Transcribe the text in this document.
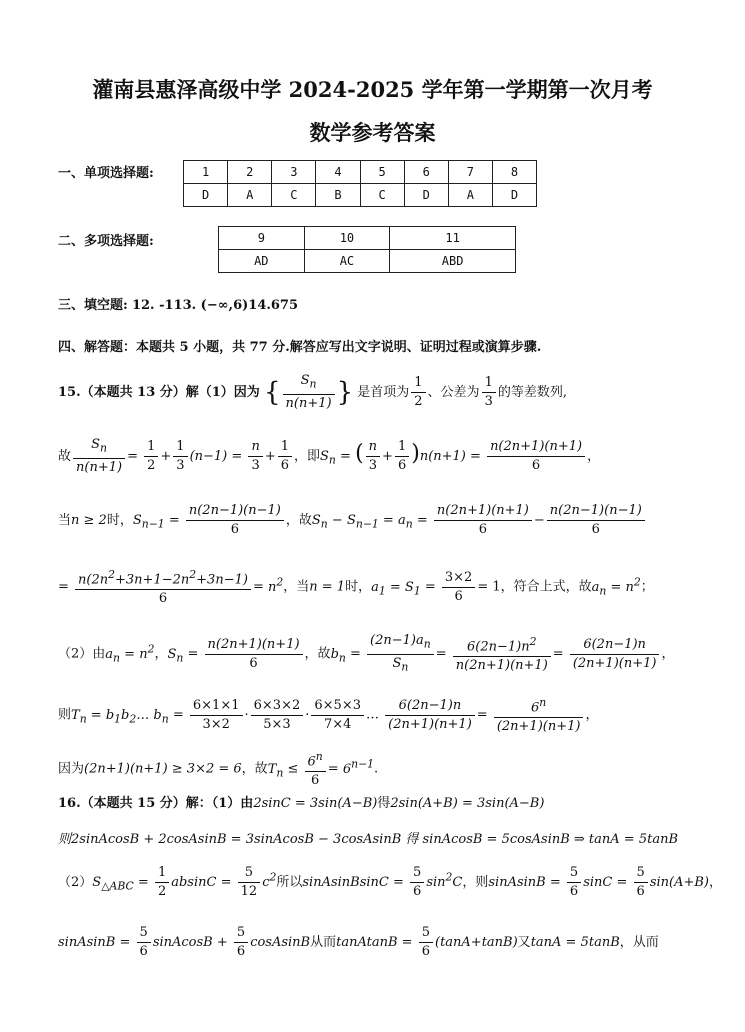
灌南县惠泽高级中学 2024-2025 学年第一学期第一次月考
数学参考答案
一、单项选择题:	1	2	3	4	5	6	7	8
D	A	C	B	C	D	A	D
二、多项选择题:	9	10	11
AD	AC	ABD
三、填空题: 12. -113. (−∞,6)14.675
四、解答题：本题共 5 小题，共 77 分.解答应写出文字说明、证明过程或演算步骤.
15.（本题共 13 分）解（1）因为 { $\frac{S_n}{n(n+1)}$ } 是首项为 $\frac{1}{2}$ 、公差为 $\frac{1}{3}$ 的等差数列,
故 $\frac{S_n}{n(n+1)} = \frac{1}{2} + \frac{1}{3} (n-1) = \frac{n}{3} + \frac{1}{6}$ ，即$S_n$ = ( $\frac{n}{3} + \frac{1}{6} )n(n+1) = \frac{n(2n+1)(n+1)}{6}$ ，
当n ≥ 2时，$S_{n-1} = \frac{n(2n-1)(n-1)}{6}$ ，故$S_n - S_{n-1} = a_n = \frac{n(2n+1)(n+1)}{6} - \frac{n(2n-1)(n-1)}{6}$
= $\frac{n(2n^2+3n+1-2n^2+3n-1)}{6} = n^2$，当n = 1时，$a_1 = S_1 = \frac{3\times 2}{6} = 1$，符合上式，故$a_n = n^2$；
（2）由$a_n = n^2$，$S_n = \frac{n(2n+1)(n+1)}{6}$ ，故$b_n = \frac{(2n-1)a_n}{S_n} = \frac{6(2n-1)n^2}{n(2n+1)(n+1)} = \frac{6(2n-1)n}{(2n+1)(n+1)}$ ，
则$T_n$ = $b_1b_2\dots$ $b_n = \frac{6\times 1\times 1}{3\times 2} \cdot \frac{6\times 3\times 2}{5\times 3} \cdot \frac{6\times 5\times 3}{7\times 4}$ … $\frac{6(2n-1)n}{(2n+1)(n+1)} = \frac{6^n}{(2n+1)(n+1)}$ ，
因为(2n+1)(n+1) ≥ 3×2 = 6，故$T_n \le \frac{6^n}{6} = 6^{n-1}$.
16.（本题共 15 分）解：（1）由2sinC = 3sin(A−B)得2sin(A+B) = 3sin(A−B)
则2sinAcosB + 2cosAsinB = 3sinAcosB − 3cosAsinB 得 sinAcosB = 5cosAsinB ⇒ tanA = 5tanB
$(2)S_{\triangle ABC} = \frac{1}{2}$ $absinC = \frac{5}{12} c^2$所以sinAsinBsinC = $\frac{5}{6} \sin^2C$，则sinAsinB = $\frac{5}{6}$ $\sin C = \frac{5}{6} \sin(A+B)$，
sinAsinB = $\frac{5}{6}$ sinAcosB + $\frac{5}{6}$ cosAsinB从而tanAtanB = $\frac{5}{6} (\tan A+\tan B)$又tanA = 5tanB，从而
